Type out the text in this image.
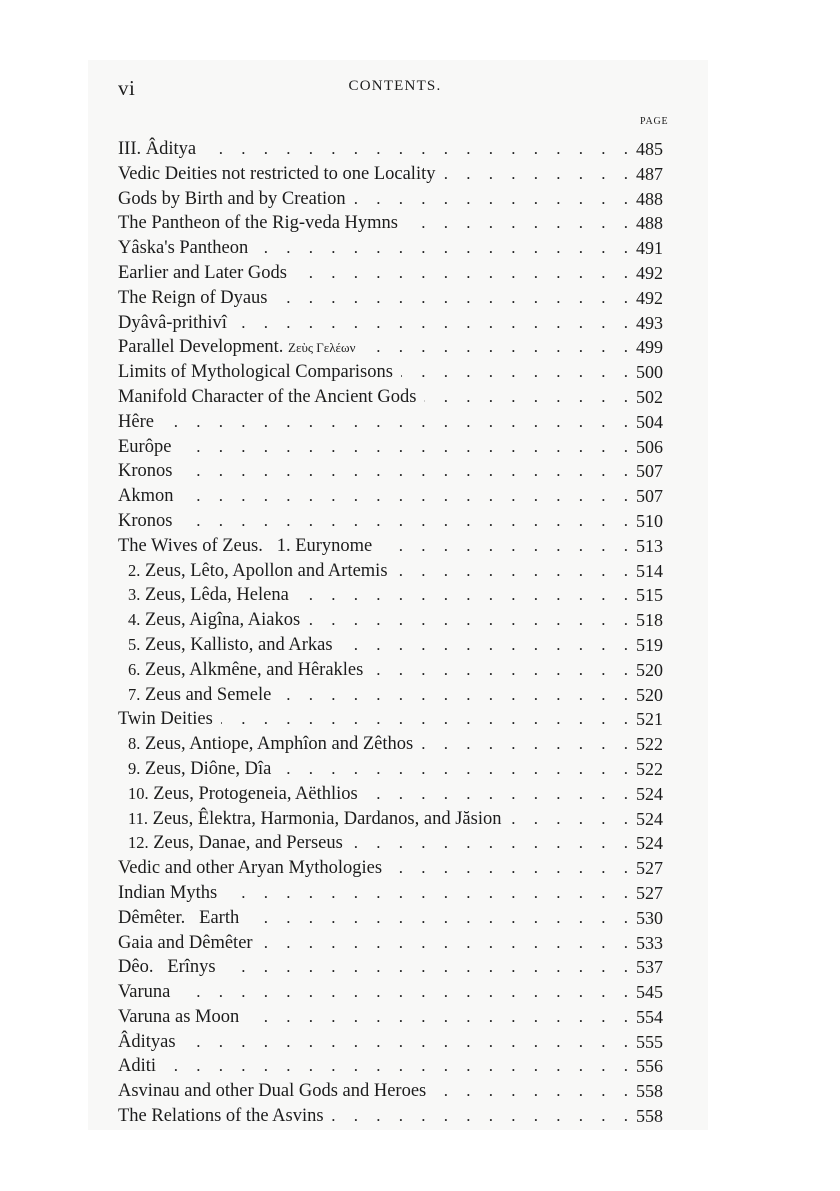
vi	CONTENTS.
PAGE
. . .
III. Âditya	485
. . .
Vedic Deities not restricted to one Locality	487
. . .
Gods by Birth and by Creation	488
. . .
The Pantheon of the Rig-veda Hymns	488
. . .
Yâska's Pantheon	491
. . .
Earlier and Later Gods	492
. . .
The Reign of Dyaus	492
. . .
Dyâvâ-prithivî	493
. . .
Parallel Development. Ζεὺς Γελέων	499
. . .
Limits of Mythological Comparisons	500
. . .
Manifold Character of the Ancient Gods	502
. . .
Hêre	504
. . .
Eurôpe	506
. . .
Kronos	507
. . .
Akmon	507
. . .
Kronos	510
. . .
The Wives of Zeus.   1. Eurynome	513
. . .
2. Zeus, Lêto, Apollon and Artemis	514
. . .
3. Zeus, Lêda, Helena	515
. . .
4. Zeus, Aigîna, Aiakos	518
. . .
5. Zeus, Kallisto, and Arkas	519
. . .
6. Zeus, Alkmêne, and Hêrakles	520
. . .
7. Zeus and Semele	520
. . .
Twin Deities	521
. . .
8. Zeus, Antiope, Amphîon and Zêthos	522
. . .
9. Zeus, Diône, Dîa	522
. . .
10. Zeus, Protogeneia, Aëthlios	524
. . .
11. Zeus, Êlektra, Harmonia, Dardanos, and Jăsion	524
. . .
12. Zeus, Danae, and Perseus	524
. . .
Vedic and other Aryan Mythologies	527
. . .
Indian Myths	527
. . .
Dêmêter.   Earth	530
. . .
Gaia and Dêmêter	533
. . .
Dêo.   Erînys	537
. . .
Varuna	545
. . .
Varuna as Moon	554
. . .
Âdityas	555
. . .
Aditi	556
. . .
Asvinau and other Dual Gods and Heroes	558
. . .
The Relations of the Asvins	558
